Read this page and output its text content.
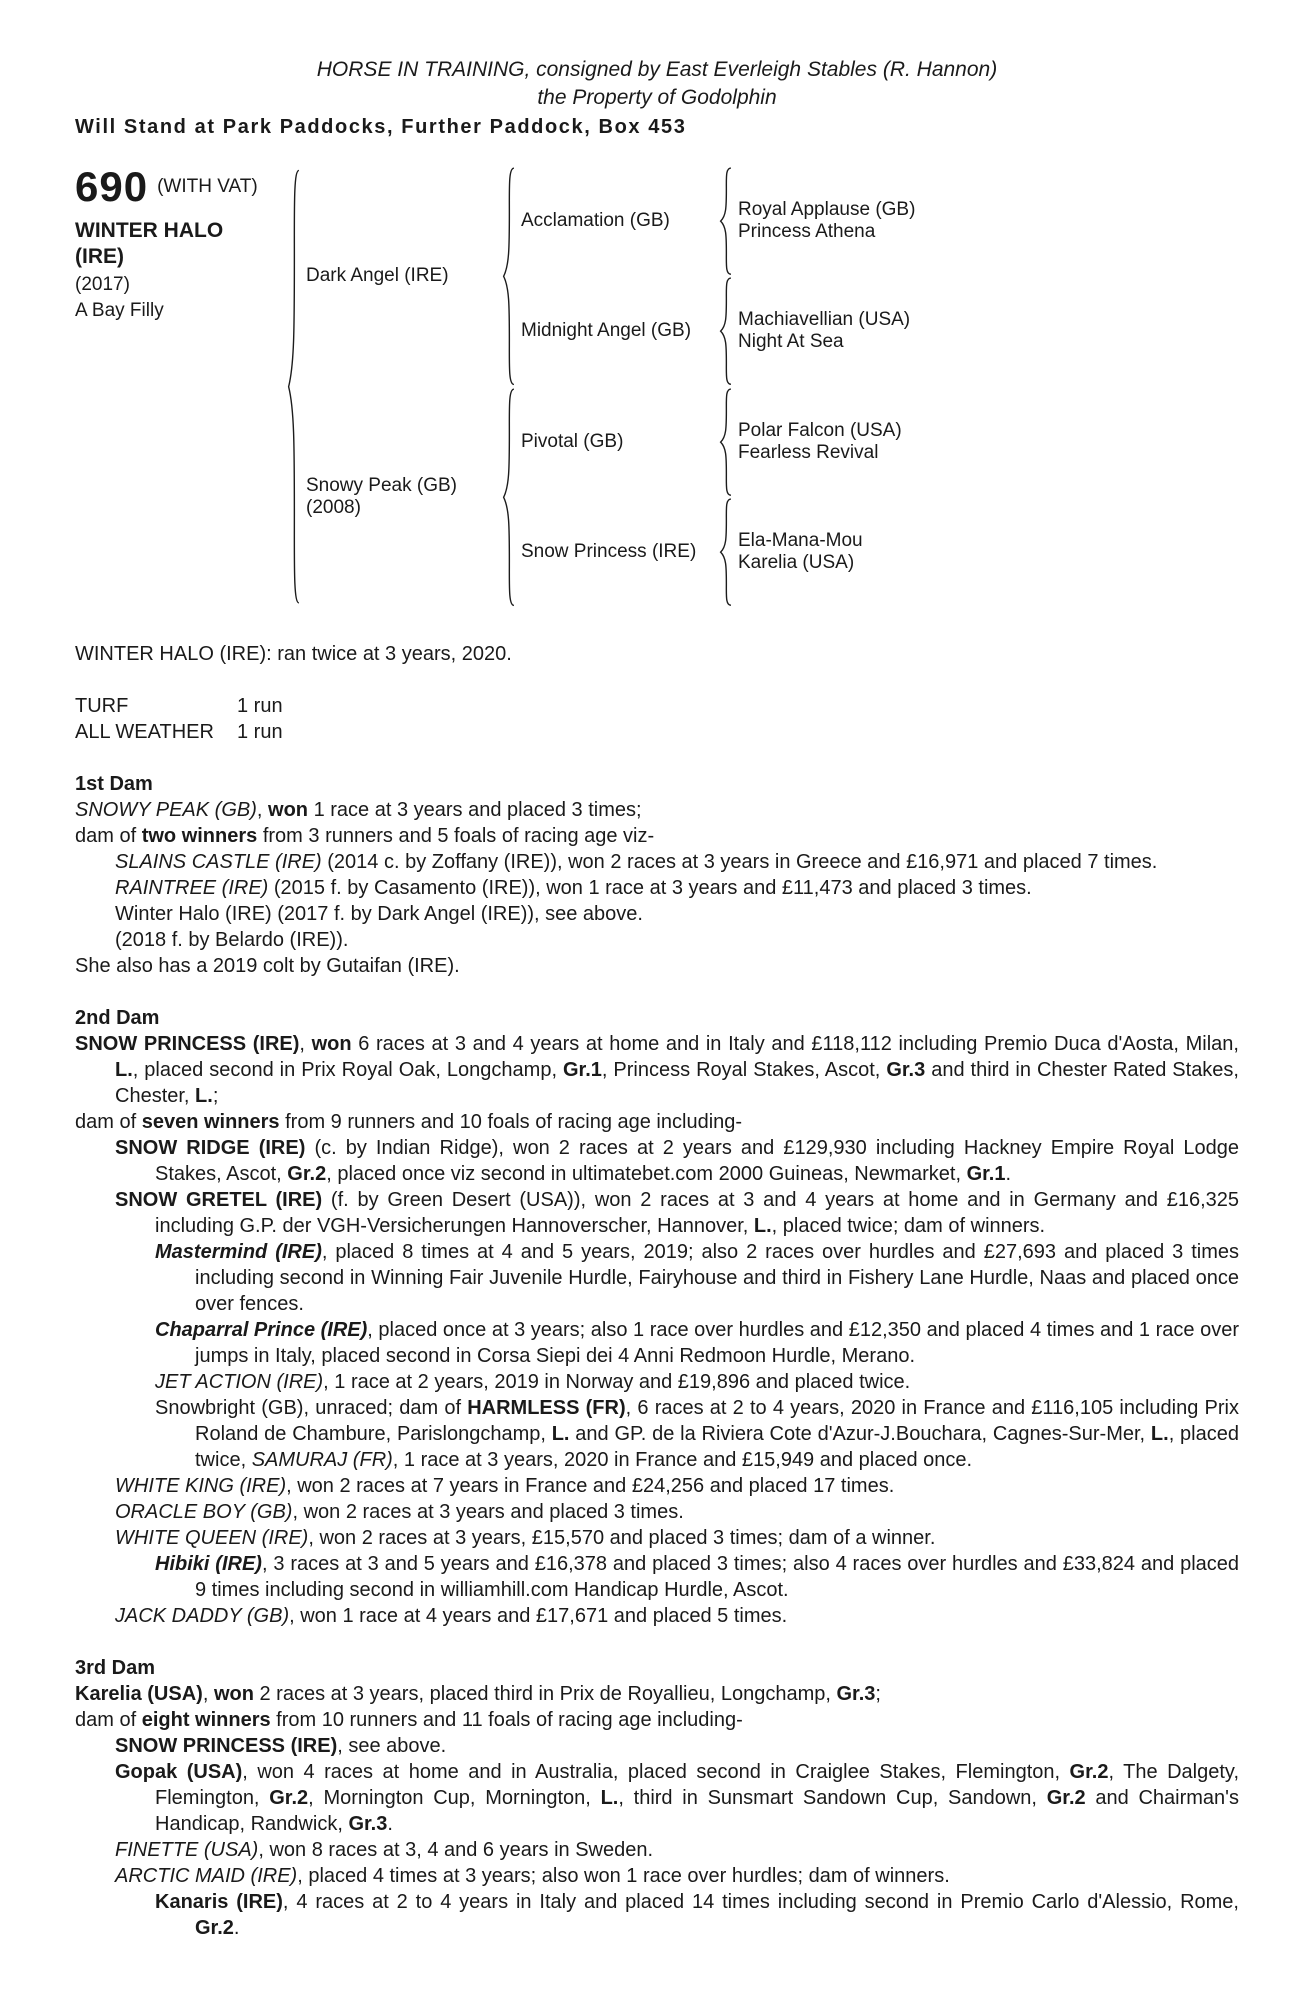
HORSE IN TRAINING, consigned by East Everleigh Stables (R. Hannon)
the Property of Godolphin
Will Stand at Park Paddocks, Further Paddock, Box 453
690 (WITH VAT)
WINTER HALO (IRE)
(2017)
A Bay Filly
Dark Angel (IRE)
Acclamation (GB)
Royal Applause (GB)
Princess Athena
Midnight Angel (GB)
Machiavellian (USA)
Night At Sea
Snowy Peak (GB)
(2008)
Pivotal (GB)
Polar Falcon (USA)
Fearless Revival
Snow Princess (IRE)
Ela-Mana-Mou
Karelia (USA)

WINTER HALO (IRE): ran twice at 3 years, 2020.

TURF	1 run
ALL WEATHER 1 run
1st Dam

SNOWY PEAK (GB), won 1 race at 3 years and placed 3 times;

dam of two winners from 3 runners and 5 foals of racing age viz-

SLAINS CASTLE (IRE) (2014 c. by Zoffany (IRE)), won 2 races at 3 years in Greece and £16,971 and placed 7 times.

RAINTREE (IRE) (2015 f. by Casamento (IRE)), won 1 race at 3 years and £11,473 and placed 3 times.

Winter Halo (IRE) (2017 f. by Dark Angel (IRE)), see above.

(2018 f. by Belardo (IRE)).

She also has a 2019 colt by Gutaifan (IRE).

2nd Dam

SNOW PRINCESS (IRE), won 6 races at 3 and 4 years at home and in Italy and £118,112 including Premio Duca d'Aosta, Milan, L., placed second in Prix Royal Oak, Longchamp, Gr.1, Princess Royal Stakes, Ascot, Gr.3 and third in Chester Rated Stakes, Chester, L.;

dam of seven winners from 9 runners and 10 foals of racing age including-

SNOW RIDGE (IRE) (c. by Indian Ridge), won 2 races at 2 years and £129,930 including Hackney Empire Royal Lodge Stakes, Ascot, Gr.2, placed once viz second in ultimatebet.com 2000 Guineas, Newmarket, Gr.1.

SNOW GRETEL (IRE) (f. by Green Desert (USA)), won 2 races at 3 and 4 years at home and in Germany and £16,325 including G.P. der VGH-Versicherungen Hannoverscher, Hannover, L., placed twice; dam of winners.

Mastermind (IRE), placed 8 times at 4 and 5 years, 2019; also 2 races over hurdles and £27,693 and placed 3 times including second in Winning Fair Juvenile Hurdle, Fairyhouse and third in Fishery Lane Hurdle, Naas and placed once over fences.

Chaparral Prince (IRE), placed once at 3 years; also 1 race over hurdles and £12,350 and placed 4 times and 1 race over jumps in Italy, placed second in Corsa Siepi dei 4 Anni Redmoon Hurdle, Merano.

JET ACTION (IRE), 1 race at 2 years, 2019 in Norway and £19,896 and placed twice.

Snowbright (GB), unraced; dam of HARMLESS (FR), 6 races at 2 to 4 years, 2020 in France and £116,105 including Prix Roland de Chambure, Parislongchamp, L. and GP. de la Riviera Cote d'Azur-J.Bouchara, Cagnes-Sur-Mer, L., placed twice, SAMURAJ (FR), 1 race at 3 years, 2020 in France and £15,949 and placed once.

WHITE KING (IRE), won 2 races at 7 years in France and £24,256 and placed 17 times.

ORACLE BOY (GB), won 2 races at 3 years and placed 3 times.

WHITE QUEEN (IRE), won 2 races at 3 years, £15,570 and placed 3 times; dam of a winner.

Hibiki (IRE), 3 races at 3 and 5 years and £16,378 and placed 3 times; also 4 races over hurdles and £33,824 and placed 9 times including second in williamhill.com Handicap Hurdle, Ascot.

JACK DADDY (GB), won 1 race at 4 years and £17,671 and placed 5 times.

3rd Dam

Karelia (USA), won 2 races at 3 years, placed third in Prix de Royallieu, Longchamp, Gr.3;

dam of eight winners from 10 runners and 11 foals of racing age including-

SNOW PRINCESS (IRE), see above.

Gopak (USA), won 4 races at home and in Australia, placed second in Craiglee Stakes, Flemington, Gr.2, The Dalgety, Flemington, Gr.2, Mornington Cup, Mornington, L., third in Sunsmart Sandown Cup, Sandown, Gr.2 and Chairman's Handicap, Randwick, Gr.3.

FINETTE (USA), won 8 races at 3, 4 and 6 years in Sweden.

ARCTIC MAID (IRE), placed 4 times at 3 years; also won 1 race over hurdles; dam of winners.

Kanaris (IRE), 4 races at 2 to 4 years in Italy and placed 14 times including second in Premio Carlo d'Alessio, Rome, Gr.2.
